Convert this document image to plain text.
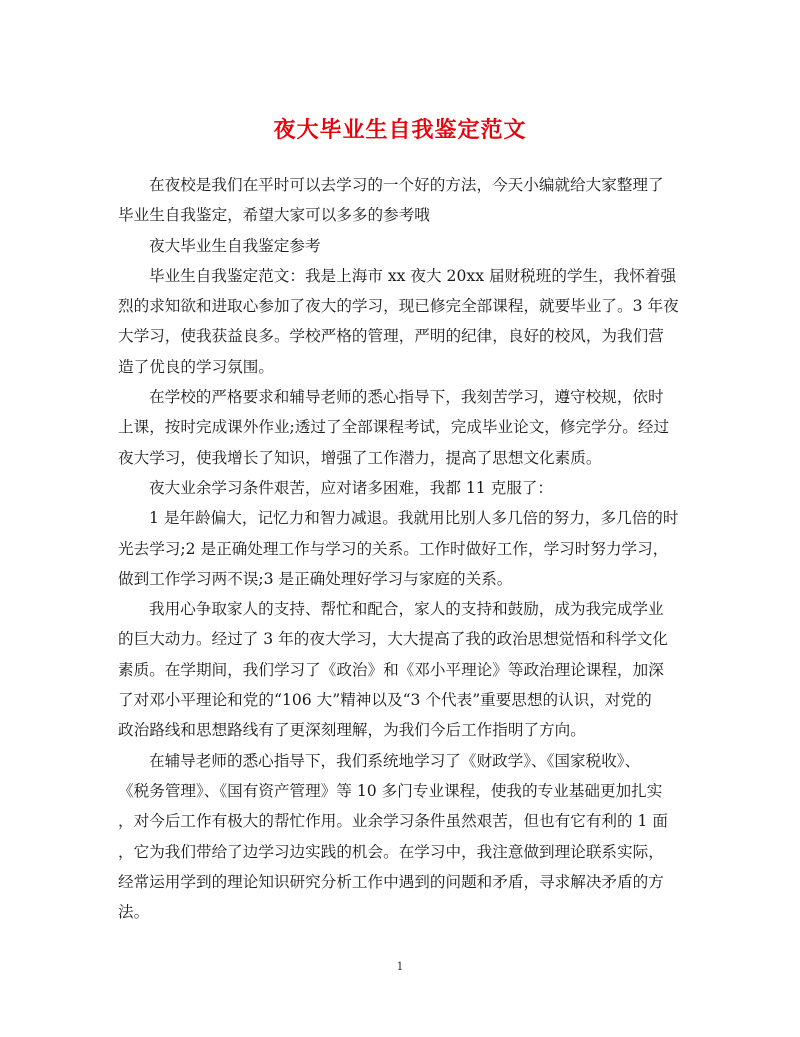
夜大毕业生自我鉴定范文

在夜校是我们在平时可以去学习的一个好的方法，今天小编就给大家整理了
毕业生自我鉴定，希望大家可以多多的参考哦

夜大毕业生自我鉴定参考

毕业生自我鉴定范文：我是上海市 xx 夜大 20xx 届财税班的学生，我怀着强
烈的求知欲和进取心参加了夜大的学习，现已修完全部课程，就要毕业了。3 年夜
大学习，使我获益良多。学校严格的管理，严明的纪律，良好的校风，为我们营
造了优良的学习氛围。

在学校的严格要求和辅导老师的悉心指导下，我刻苦学习，遵守校规，依时
上课，按时完成课外作业;透过了全部课程考试，完成毕业论文，修完学分。经过
夜大学习，使我增长了知识，增强了工作潜力，提高了思想文化素质。

夜大业余学习条件艰苦，应对诸多困难，我都 11 克服了：

1 是年龄偏大，记忆力和智力减退。我就用比别人多几倍的努力，多几倍的时
光去学习;2 是正确处理工作与学习的关系。工作时做好工作，学习时努力学习，
做到工作学习两不误;3 是正确处理好学习与家庭的关系。

我用心争取家人的支持、帮忙和配合，家人的支持和鼓励，成为我完成学业
的巨大动力。经过了 3 年的夜大学习，大大提高了我的政治思想觉悟和科学文化
素质。在学期间，我们学习了《政治》和《邓小平理论》等政治理论课程，加深
了对邓小平理论和党的“106 大”精神以及“3 个代表”重要思想的认识，对党的
政治路线和思想路线有了更深刻理解，为我们今后工作指明了方向。

在辅导老师的悉心指导下，我们系统地学习了《财政学》、《国家税收》、
《税务管理》、《国有资产管理》等 10 多门专业课程，使我的专业基础更加扎实
，对今后工作有极大的帮忙作用。业余学习条件虽然艰苦，但也有它有利的 1 面
，它为我们带给了边学习边实践的机会。在学习中，我注意做到理论联系实际，
经常运用学到的理论知识研究分析工作中遇到的问题和矛盾，寻求解决矛盾的方
法。

1
